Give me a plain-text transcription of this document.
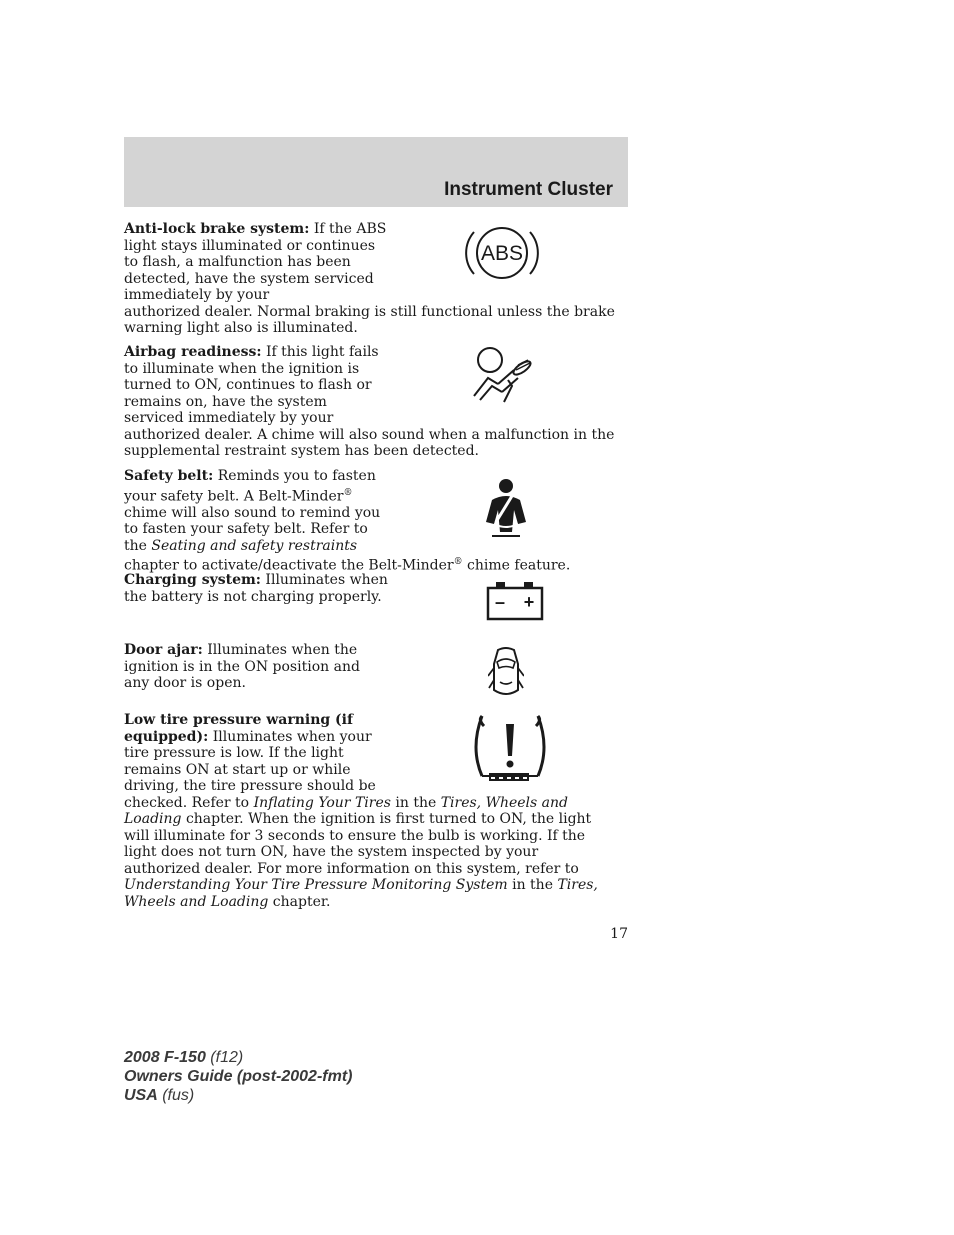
Instrument Cluster

Anti-lock brake system: If the ABS light stays illuminated or continues to flash, a malfunction has been detected, have the system serviced immediately by your

authorized dealer. Normal braking is still functional unless the brake warning light also is illuminated.

ABS

Airbag readiness: If this light fails to illuminate when the ignition is turned to ON, continues to flash or remains on, have the system serviced immediately by your

authorized dealer. A chime will also sound when a malfunction in the supplemental restraint system has been detected.

Safety belt: Reminds you to fasten your safety belt. A Belt-Minder® chime will also sound to remind you to fasten your safety belt. Refer to the Seating and safety restraints

chapter to activate/deactivate the Belt-Minder® chime feature.

Charging system: Illuminates when the battery is not charging properly.	– +

Door ajar: Illuminates when the ignition is in the ON position and any door is open.

Low tire pressure warning (if equipped): Illuminates when your tire pressure is low. If the light remains ON at start up or while driving, the tire pressure should be

checked. Refer to Inflating Your Tires in the Tires, Wheels and Loading chapter. When the ignition is first turned to ON, the light will illuminate for 3 seconds to ensure the bulb is working. If the light does not turn ON, have the system inspected by your authorized dealer. For more information on this system, refer to Understanding Your Tire Pressure Monitoring System in the Tires, Wheels and Loading chapter.

17
2008 F-150 (f12)
Owners Guide (post-2002-fmt)
USA (fus)
